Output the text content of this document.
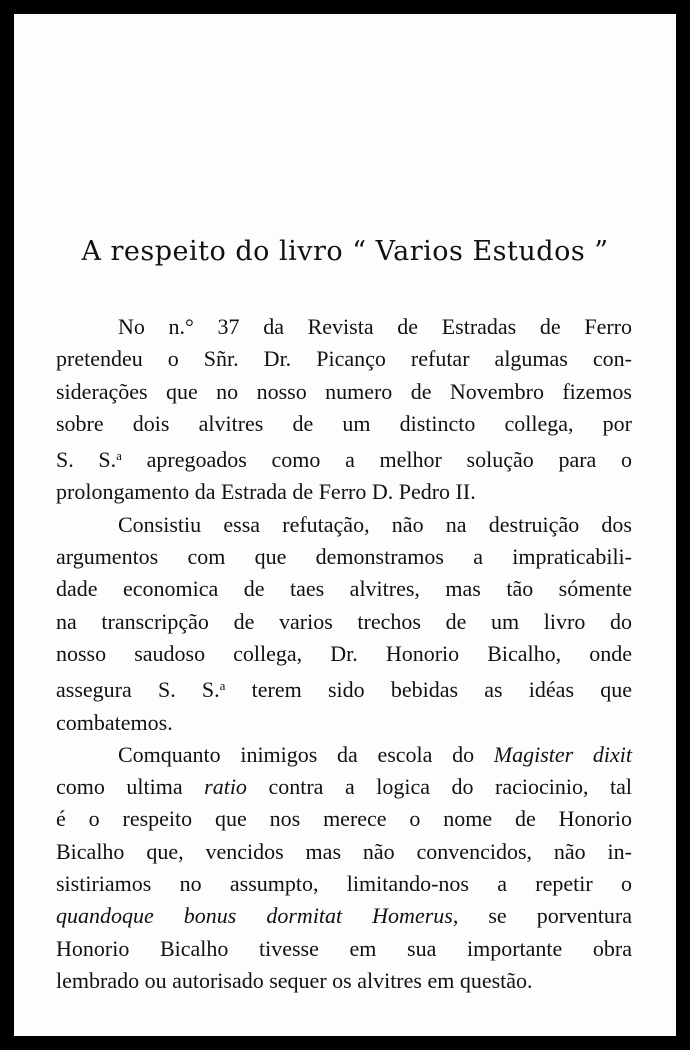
A respeito do livro “ Varios Estudos ”
No n.° 37 da Revista de Estradas de Ferro
pretendeu o Sñr. Dr. Picanço refutar algumas con-
siderações que no nosso numero de Novembro fizemos
sobre dois alvitres de um distincto collega, por
S. S.$^a$ apregoados como a melhor solução para o
prolongamento da Estrada de Ferro D. Pedro II.
Consistiu essa refutação, não na destruição dos
argumentos com que demonstramos a impraticabili-
dade economica de taes alvitres, mas tão sómente
na transcripção de varios trechos de um livro do
nosso saudoso collega, Dr. Honorio Bicalho, onde
assegura S. S.$^a$ terem sido bebidas as idéas que
combatemos.
Comquanto inimigos da escola do Magister dixit
como ultima ratio contra a logica do raciocinio, tal
é o respeito que nos merece o nome de Honorio
Bicalho que, vencidos mas não convencidos, não in-
sistiriamos no assumpto, limitando-nos a repetir o
quandoque bonus dormitat Homerus, se porventura
Honorio Bicalho tivesse em sua importante obra
lembrado ou autorisado sequer os alvitres em questão.
